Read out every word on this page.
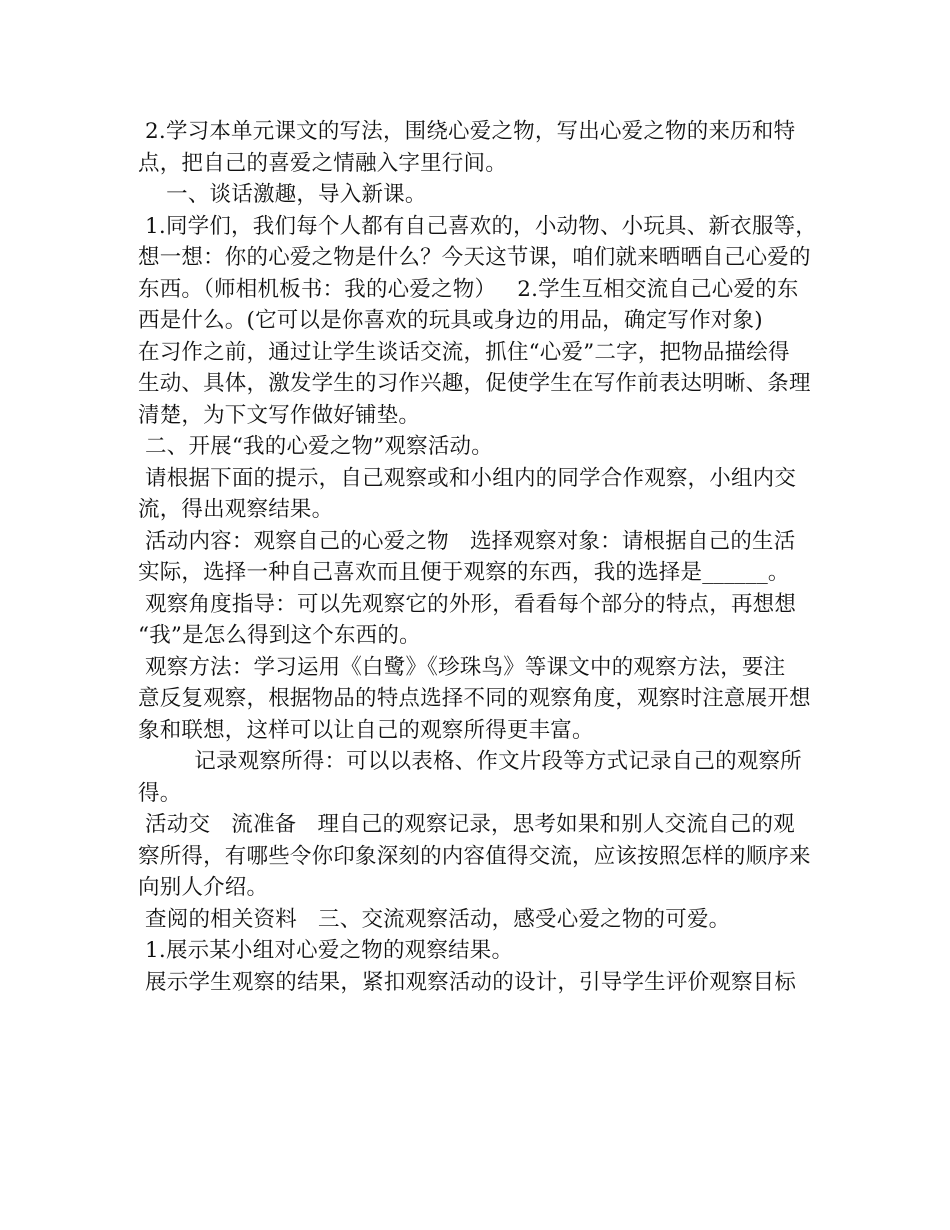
2.学习本单元课文的写法，围绕心爱之物，写出心爱之物的来历和特

点，把自己的喜爱之情融入字里行间。

一、谈话激趣，导入新课。

1.同学们，我们每个人都有自己喜欢的，小动物、小玩具、新衣服等，

想一想：你的心爱之物是什么？今天这节课，咱们就来晒晒自己心爱的

东西。（师相机板书：我的心爱之物）   2.学生互相交流自己心爱的东

西是什么。(它可以是你喜欢的玩具或身边的用品，确定写作对象)

在习作之前，通过让学生谈话交流，抓住“心爱”二字，把物品描绘得

生动、具体，激发学生的习作兴趣，促使学生在写作前表达明晰、条理

清楚，为下文写作做好铺垫。

二、开展“我的心爱之物”观察活动。

请根据下面的提示，自己观察或和小组内的同学合作观察，小组内交

流，得出观察结果。

活动内容：观察自己的心爱之物   选择观察对象：请根据自己的生活

实际，选择一种自己喜欢而且便于观察的东西，我的选择是______。

观察角度指导：可以先观察它的外形，看看每个部分的特点，再想想

“我”是怎么得到这个东西的。

观察方法：学习运用《白鹭》《珍珠鸟》等课文中的观察方法，要注

意反复观察，根据物品的特点选择不同的观察角度，观察时注意展开想

象和联想，这样可以让自己的观察所得更丰富。

记录观察所得：可以以表格、作文片段等方式记录自己的观察所

得。

活动交   流准备   理自己的观察记录，思考如果和别人交流自己的观

察所得，有哪些令你印象深刻的内容值得交流，应该按照怎样的顺序来

向别人介绍。

查阅的相关资料   三、交流观察活动，感受心爱之物的可爱。

1.展示某小组对心爱之物的观察结果。

展示学生观察的结果，紧扣观察活动的设计，引导学生评价观察目标
